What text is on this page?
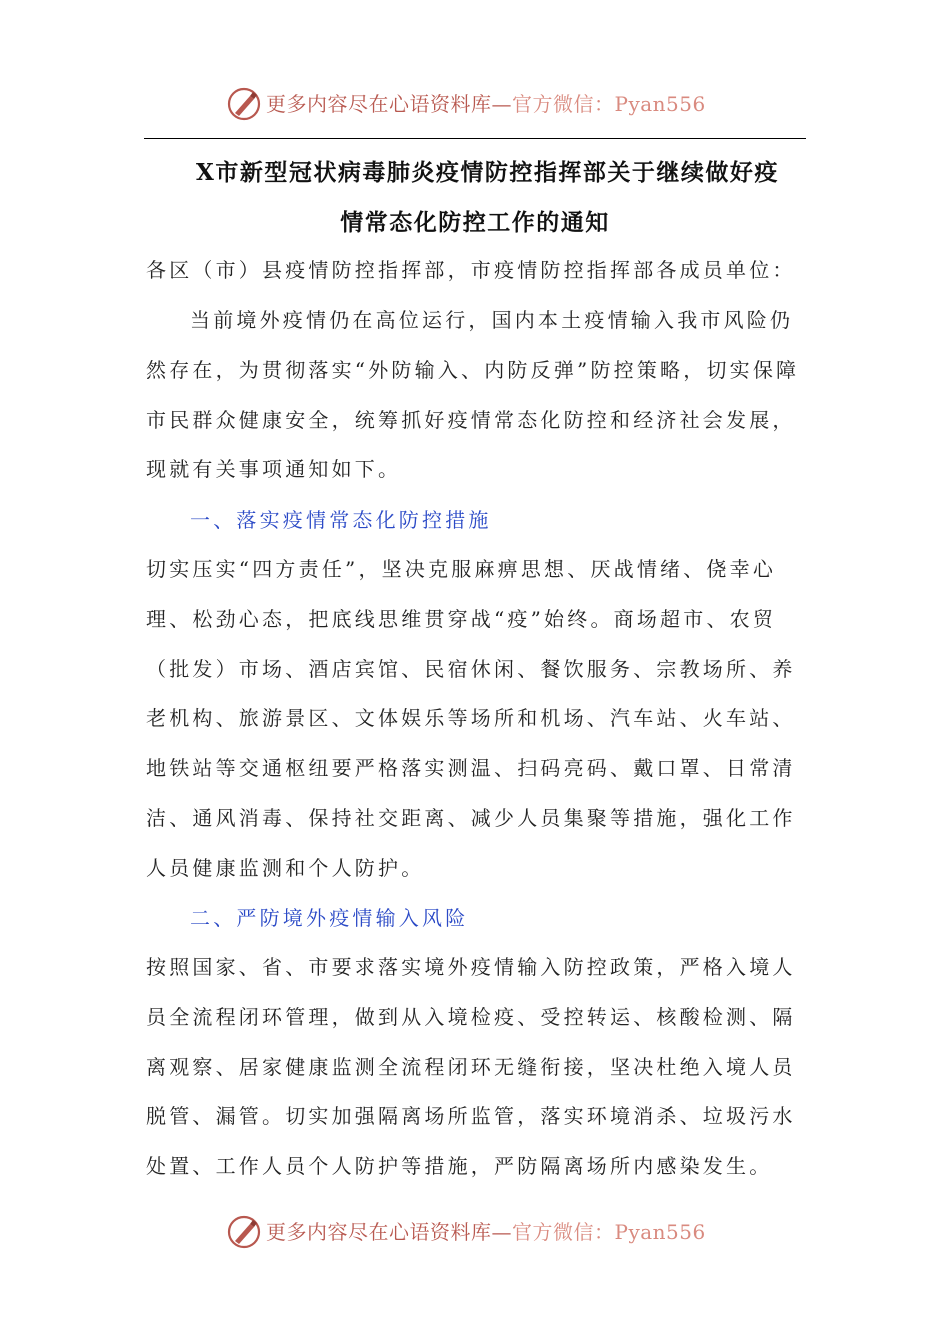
更多内容尽在心语资料库—官方微信：Pyan556
X市新型冠状病毒肺炎疫情防控指挥部关于继续做好疫
情常态化防控工作的通知
各区（市）县疫情防控指挥部，市疫情防控指挥部各成员单位：
当前境外疫情仍在高位运行，国内本土疫情输入我市风险仍然存在，为贯彻落实“外防输入、内防反弹”防控策略，切实保障市民群众健康安全，统筹抓好疫情常态化防控和经济社会发展，现就有关事项通知如下。
一、落实疫情常态化防控措施
切实压实“四方责任”，坚决克服麻痹思想、厌战情绪、侥幸心理、松劲心态，把底线思维贯穿战“疫”始终。商场超市、农贸（批发）市场、酒店宾馆、民宿休闲、餐饮服务、宗教场所、养老机构、旅游景区、文体娱乐等场所和机场、汽车站、火车站、地铁站等交通枢纽要严格落实测温、扫码亮码、戴口罩、日常清洁、通风消毒、保持社交距离、减少人员集聚等措施，强化工作人员健康监测和个人防护。
二、严防境外疫情输入风险
按照国家、省、市要求落实境外疫情输入防控政策，严格入境人员全流程闭环管理，做到从入境检疫、受控转运、核酸检测、隔离观察、居家健康监测全流程闭环无缝衔接，坚决杜绝入境人员脱管、漏管。切实加强隔离场所监管，落实环境消杀、垃圾污水处置、工作人员个人防护等措施，严防隔离场所内感染发生。
更多内容尽在心语资料库—官方微信：Pyan556
